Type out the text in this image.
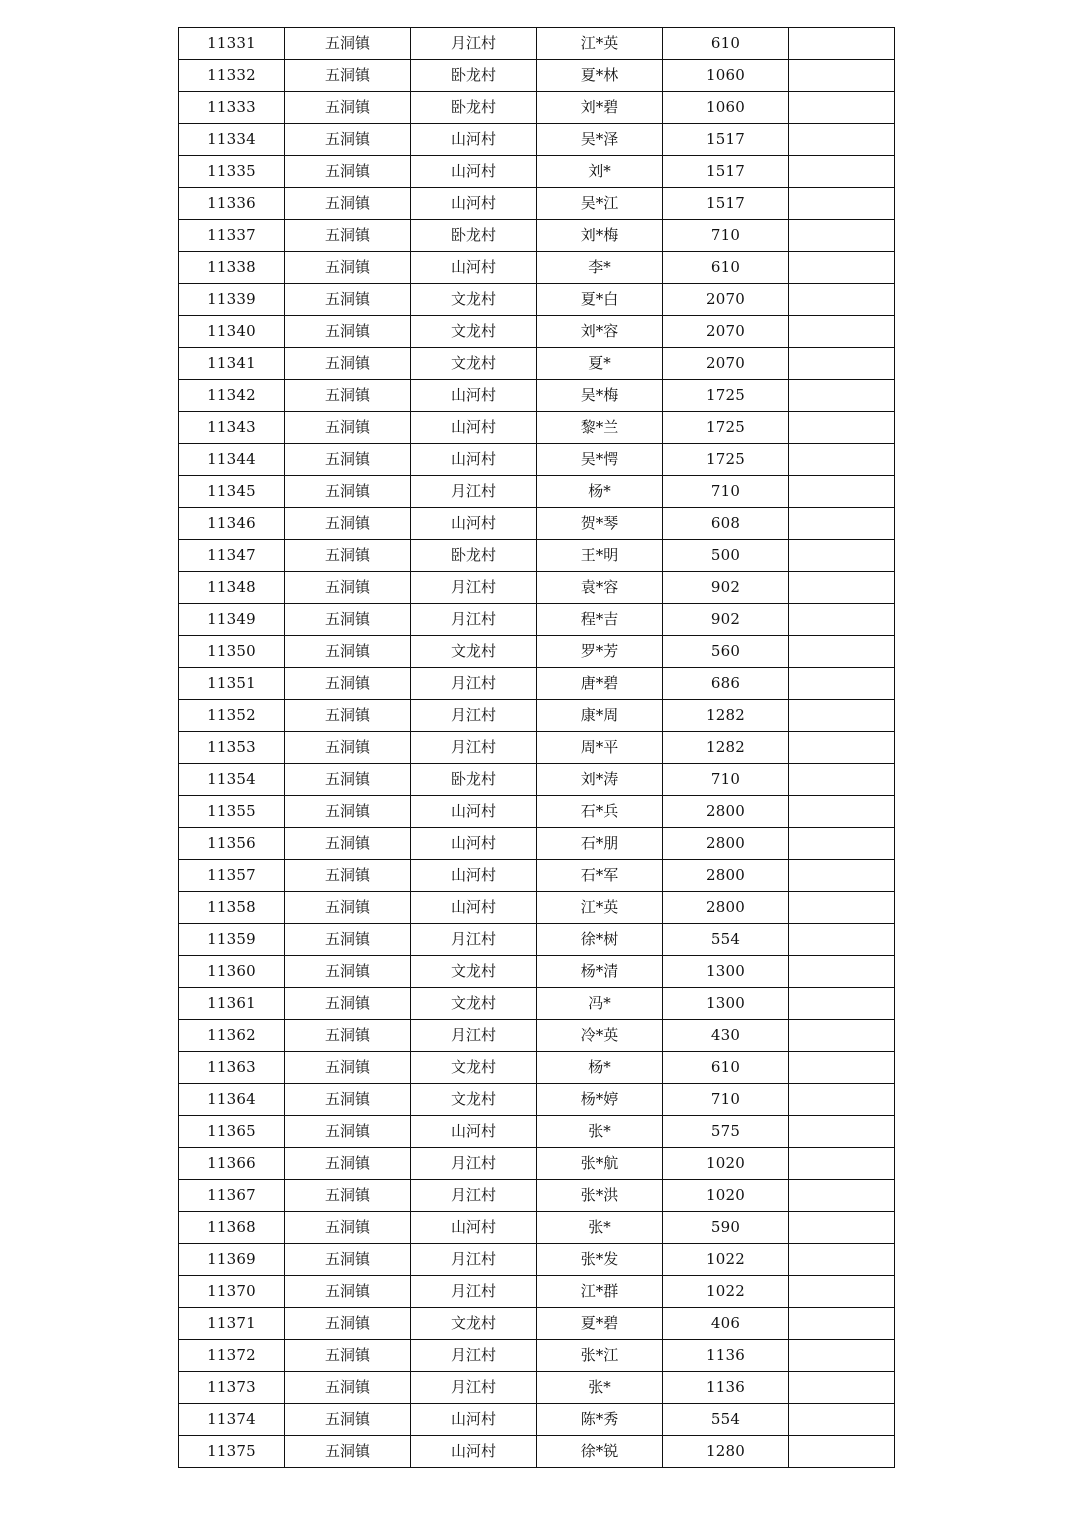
11331	五洞镇	月江村	江*英	610	
11332	五洞镇	卧龙村	夏*林	1060	
11333	五洞镇	卧龙村	刘*碧	1060	
11334	五洞镇	山河村	吴*泽	1517	
11335	五洞镇	山河村	刘*	1517	
11336	五洞镇	山河村	吴*江	1517	
11337	五洞镇	卧龙村	刘*梅	710	
11338	五洞镇	山河村	李*	610	
11339	五洞镇	文龙村	夏*白	2070	
11340	五洞镇	文龙村	刘*容	2070	
11341	五洞镇	文龙村	夏*	2070	
11342	五洞镇	山河村	吴*梅	1725	
11343	五洞镇	山河村	黎*兰	1725	
11344	五洞镇	山河村	吴*愕	1725	
11345	五洞镇	月江村	杨*	710	
11346	五洞镇	山河村	贺*琴	608	
11347	五洞镇	卧龙村	王*明	500	
11348	五洞镇	月江村	袁*容	902	
11349	五洞镇	月江村	程*吉	902	
11350	五洞镇	文龙村	罗*芳	560	
11351	五洞镇	月江村	唐*碧	686	
11352	五洞镇	月江村	康*周	1282	
11353	五洞镇	月江村	周*平	1282	
11354	五洞镇	卧龙村	刘*涛	710	
11355	五洞镇	山河村	石*兵	2800	
11356	五洞镇	山河村	石*朋	2800	
11357	五洞镇	山河村	石*军	2800	
11358	五洞镇	山河村	江*英	2800	
11359	五洞镇	月江村	徐*树	554	
11360	五洞镇	文龙村	杨*清	1300	
11361	五洞镇	文龙村	冯*	1300	
11362	五洞镇	月江村	冷*英	430	
11363	五洞镇	文龙村	杨*	610	
11364	五洞镇	文龙村	杨*婷	710	
11365	五洞镇	山河村	张*	575	
11366	五洞镇	月江村	张*航	1020	
11367	五洞镇	月江村	张*洪	1020	
11368	五洞镇	山河村	张*	590	
11369	五洞镇	月江村	张*发	1022	
11370	五洞镇	月江村	江*群	1022	
11371	五洞镇	文龙村	夏*碧	406	
11372	五洞镇	月江村	张*江	1136	
11373	五洞镇	月江村	张*	1136	
11374	五洞镇	山河村	陈*秀	554	
11375	五洞镇	山河村	徐*锐	1280	
